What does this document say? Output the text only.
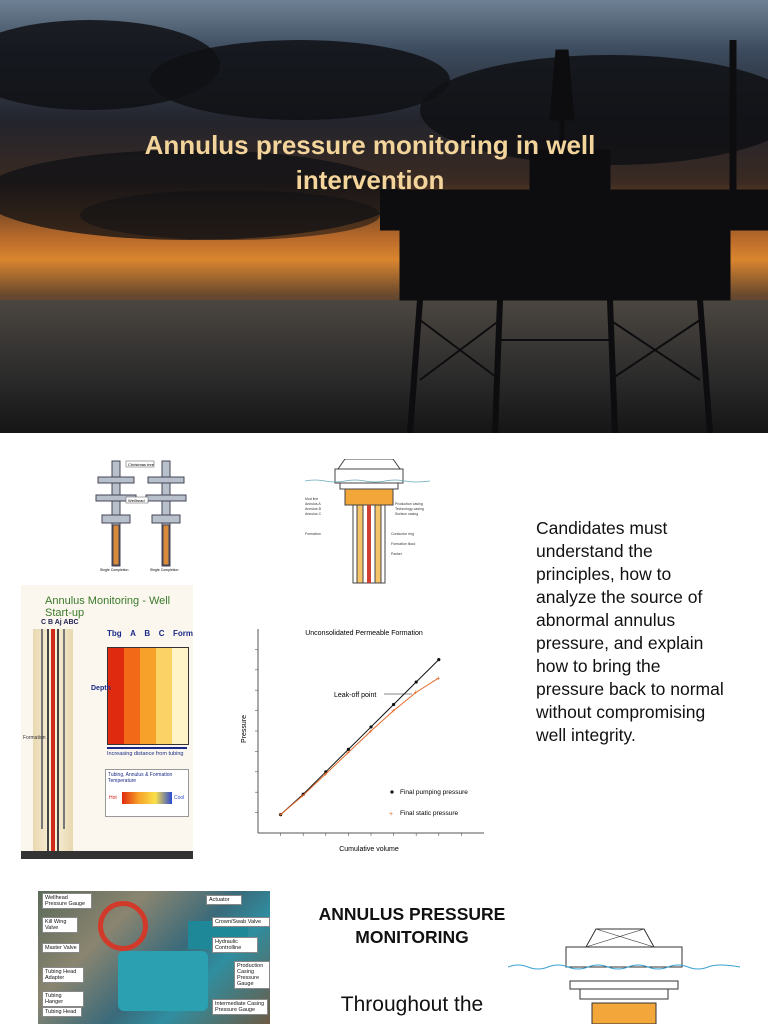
Annulus pressure monitoring in well intervention
Christmas tree
Wellhead
Single Completion	Single Completion
Mud line
Annulus A
Annulus B
Annulus C
Production casing
Technology casing
Surface casing
Formation	Conductor ring
Formation flood
Packer
Annulus Monitoring - Well Start-up
C B Aj ABC
Formation
Tbg A B C Form
Depth
Increasing distance from tubing
Tubing, Annulus & Formation Temperature
Hot	Cool
Unconsolidated Permeable Formation
Pressure
Cumulative volume
+
+
+
+
+
+
+
+
Leak-off point
Final pumping pressure
+ Final static pressure
Candidates must understand the principles, how to analyze the source of abnormal annulus pressure, and explain how to bring the pressure back to normal without compromising well integrity.
Wellhead Pressure Gauge
Kill Wing Valve
Master Valve
Tubing Head Adapter
Tubing Hanger
Tubing Head
Actuator
Crown/Swab Valve
Hydraulic Controlline
Production Casing Pressure Gauge
Intermediate Casing Pressure Gauge
ANNULUS PRESSURE MONITORING
Throughout the
